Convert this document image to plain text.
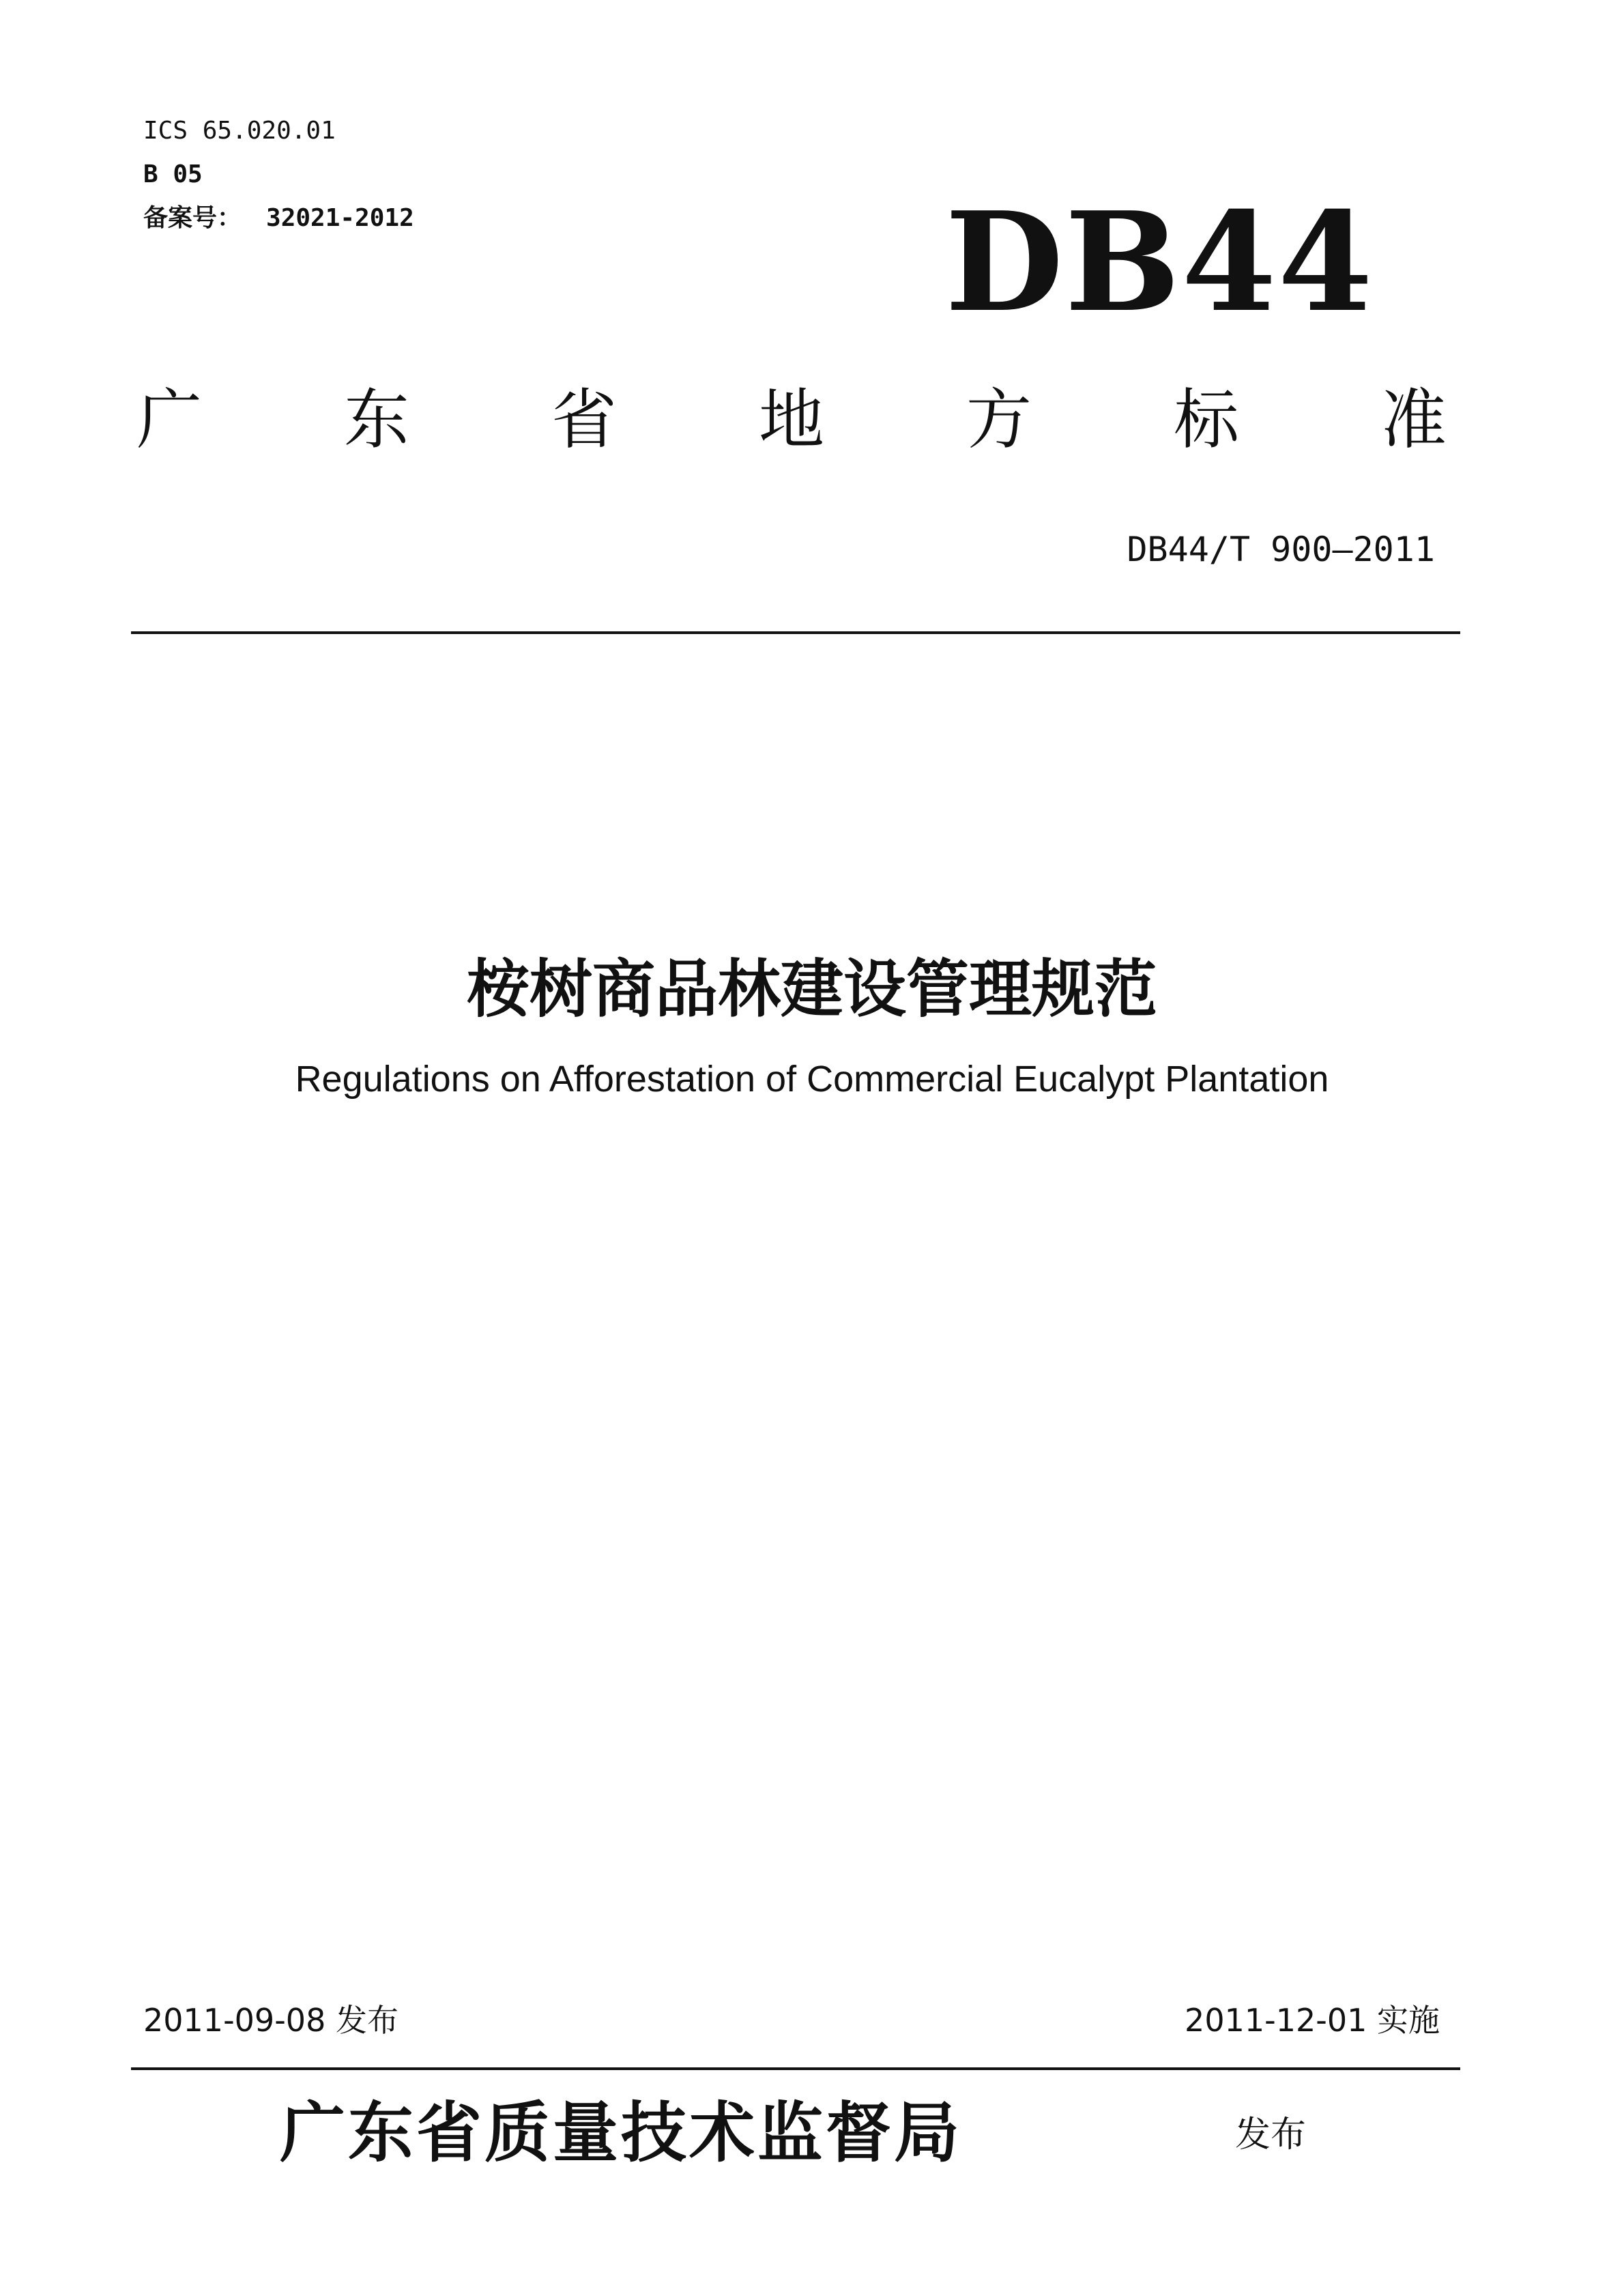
ICS 65.020.01
B 05
备案号： 32021-2012	DB44
广 东 省 地 方 标 准
DB44/T 900—2011
桉树商品林建设管理规范
Regulations on Afforestation of Commercial Eucalypt Plantation
2011-09-08 发布	2011-12-01 实施
广东省质量技术监督局	发布
